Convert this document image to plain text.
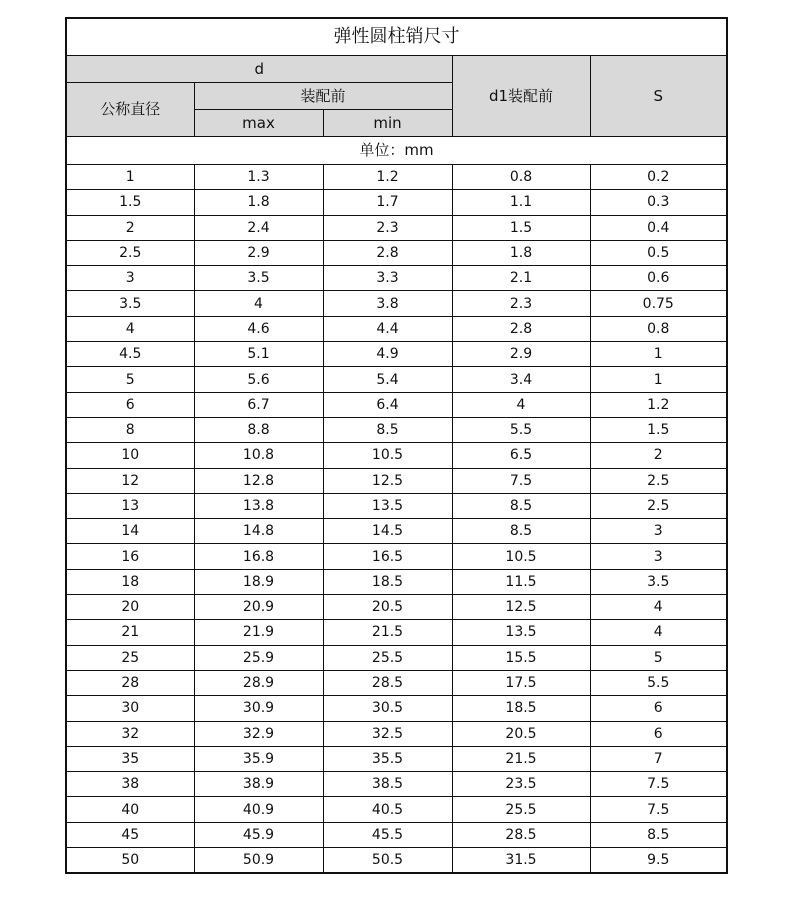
弹性圆柱销尺寸				
d			d1装配前	S
公称直径	装配前			
	max	min		
单位：mm				
1	1.3	1.2	0.8	0.2
1.5	1.8	1.7	1.1	0.3
2	2.4	2.3	1.5	0.4
2.5	2.9	2.8	1.8	0.5
3	3.5	3.3	2.1	0.6
3.5	4	3.8	2.3	0.75
4	4.6	4.4	2.8	0.8
4.5	5.1	4.9	2.9	1
5	5.6	5.4	3.4	1
6	6.7	6.4	4	1.2
8	8.8	8.5	5.5	1.5
10	10.8	10.5	6.5	2
12	12.8	12.5	7.5	2.5
13	13.8	13.5	8.5	2.5
14	14.8	14.5	8.5	3
16	16.8	16.5	10.5	3
18	18.9	18.5	11.5	3.5
20	20.9	20.5	12.5	4
21	21.9	21.5	13.5	4
25	25.9	25.5	15.5	5
28	28.9	28.5	17.5	5.5
30	30.9	30.5	18.5	6
32	32.9	32.5	20.5	6
35	35.9	35.5	21.5	7
38	38.9	38.5	23.5	7.5
40	40.9	40.5	25.5	7.5
45	45.9	45.5	28.5	8.5
50	50.9	50.5	31.5	9.5
